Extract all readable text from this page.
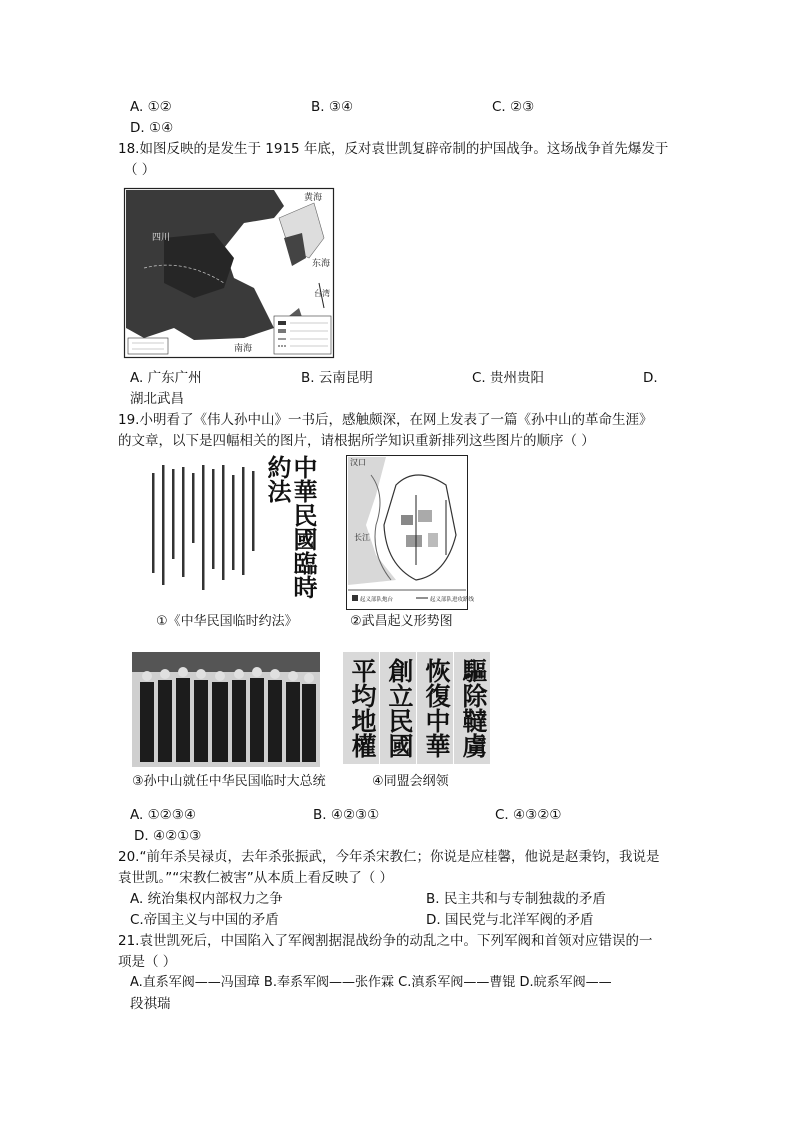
A. ①②	B. ③④	C. ②③
D. ①④
18.如图反映的是发生于 1915 年底，反对袁世凯复辟帝制的护国战争。这场战争首先爆发于
（ ）
黄海
东海
南海
四川
台湾
A. 广东广州	B. 云南昆明	C. 贵州贵阳	D.
湖北武昌
19.小明看了《伟人孙中山》一书后，感触颇深，在网上发表了一篇《孙中山的革命生涯》
的文章，以下是四幅相关的图片，请根据所学知识重新排列这些图片的顺序（ ）
中華民國臨時約法
①《中华民国临时约法》
汉口
长江
起义部队炮台	起义部队进攻路线
②武昌起义形势图
③孙中山就任中华民国临时大总统
驅除韃虜
恢復中華
創立民國
平均地權
④同盟会纲领
A. ①②③④	B. ④②③①	C. ④③②①
D. ④②①③
20.“前年杀吴禄贞，去年杀张振武，今年杀宋教仁；你说是应桂馨，他说是赵秉钧，我说是
袁世凯。”“宋教仁被害”从本质上看反映了（ ）
A. 统治集权内部权力之争	B. 民主共和与专制独裁的矛盾
C.帝国主义与中国的矛盾	D. 国民党与北洋军阀的矛盾
21.袁世凯死后，中国陷入了军阀割据混战纷争的动乱之中。下列军阀和首领对应错误的一
项是（ ）
A.直系军阀——冯国璋 B.奉系军阀——张作霖 C.滇系军阀——曹锟 D.皖系军阀——
段祺瑞
